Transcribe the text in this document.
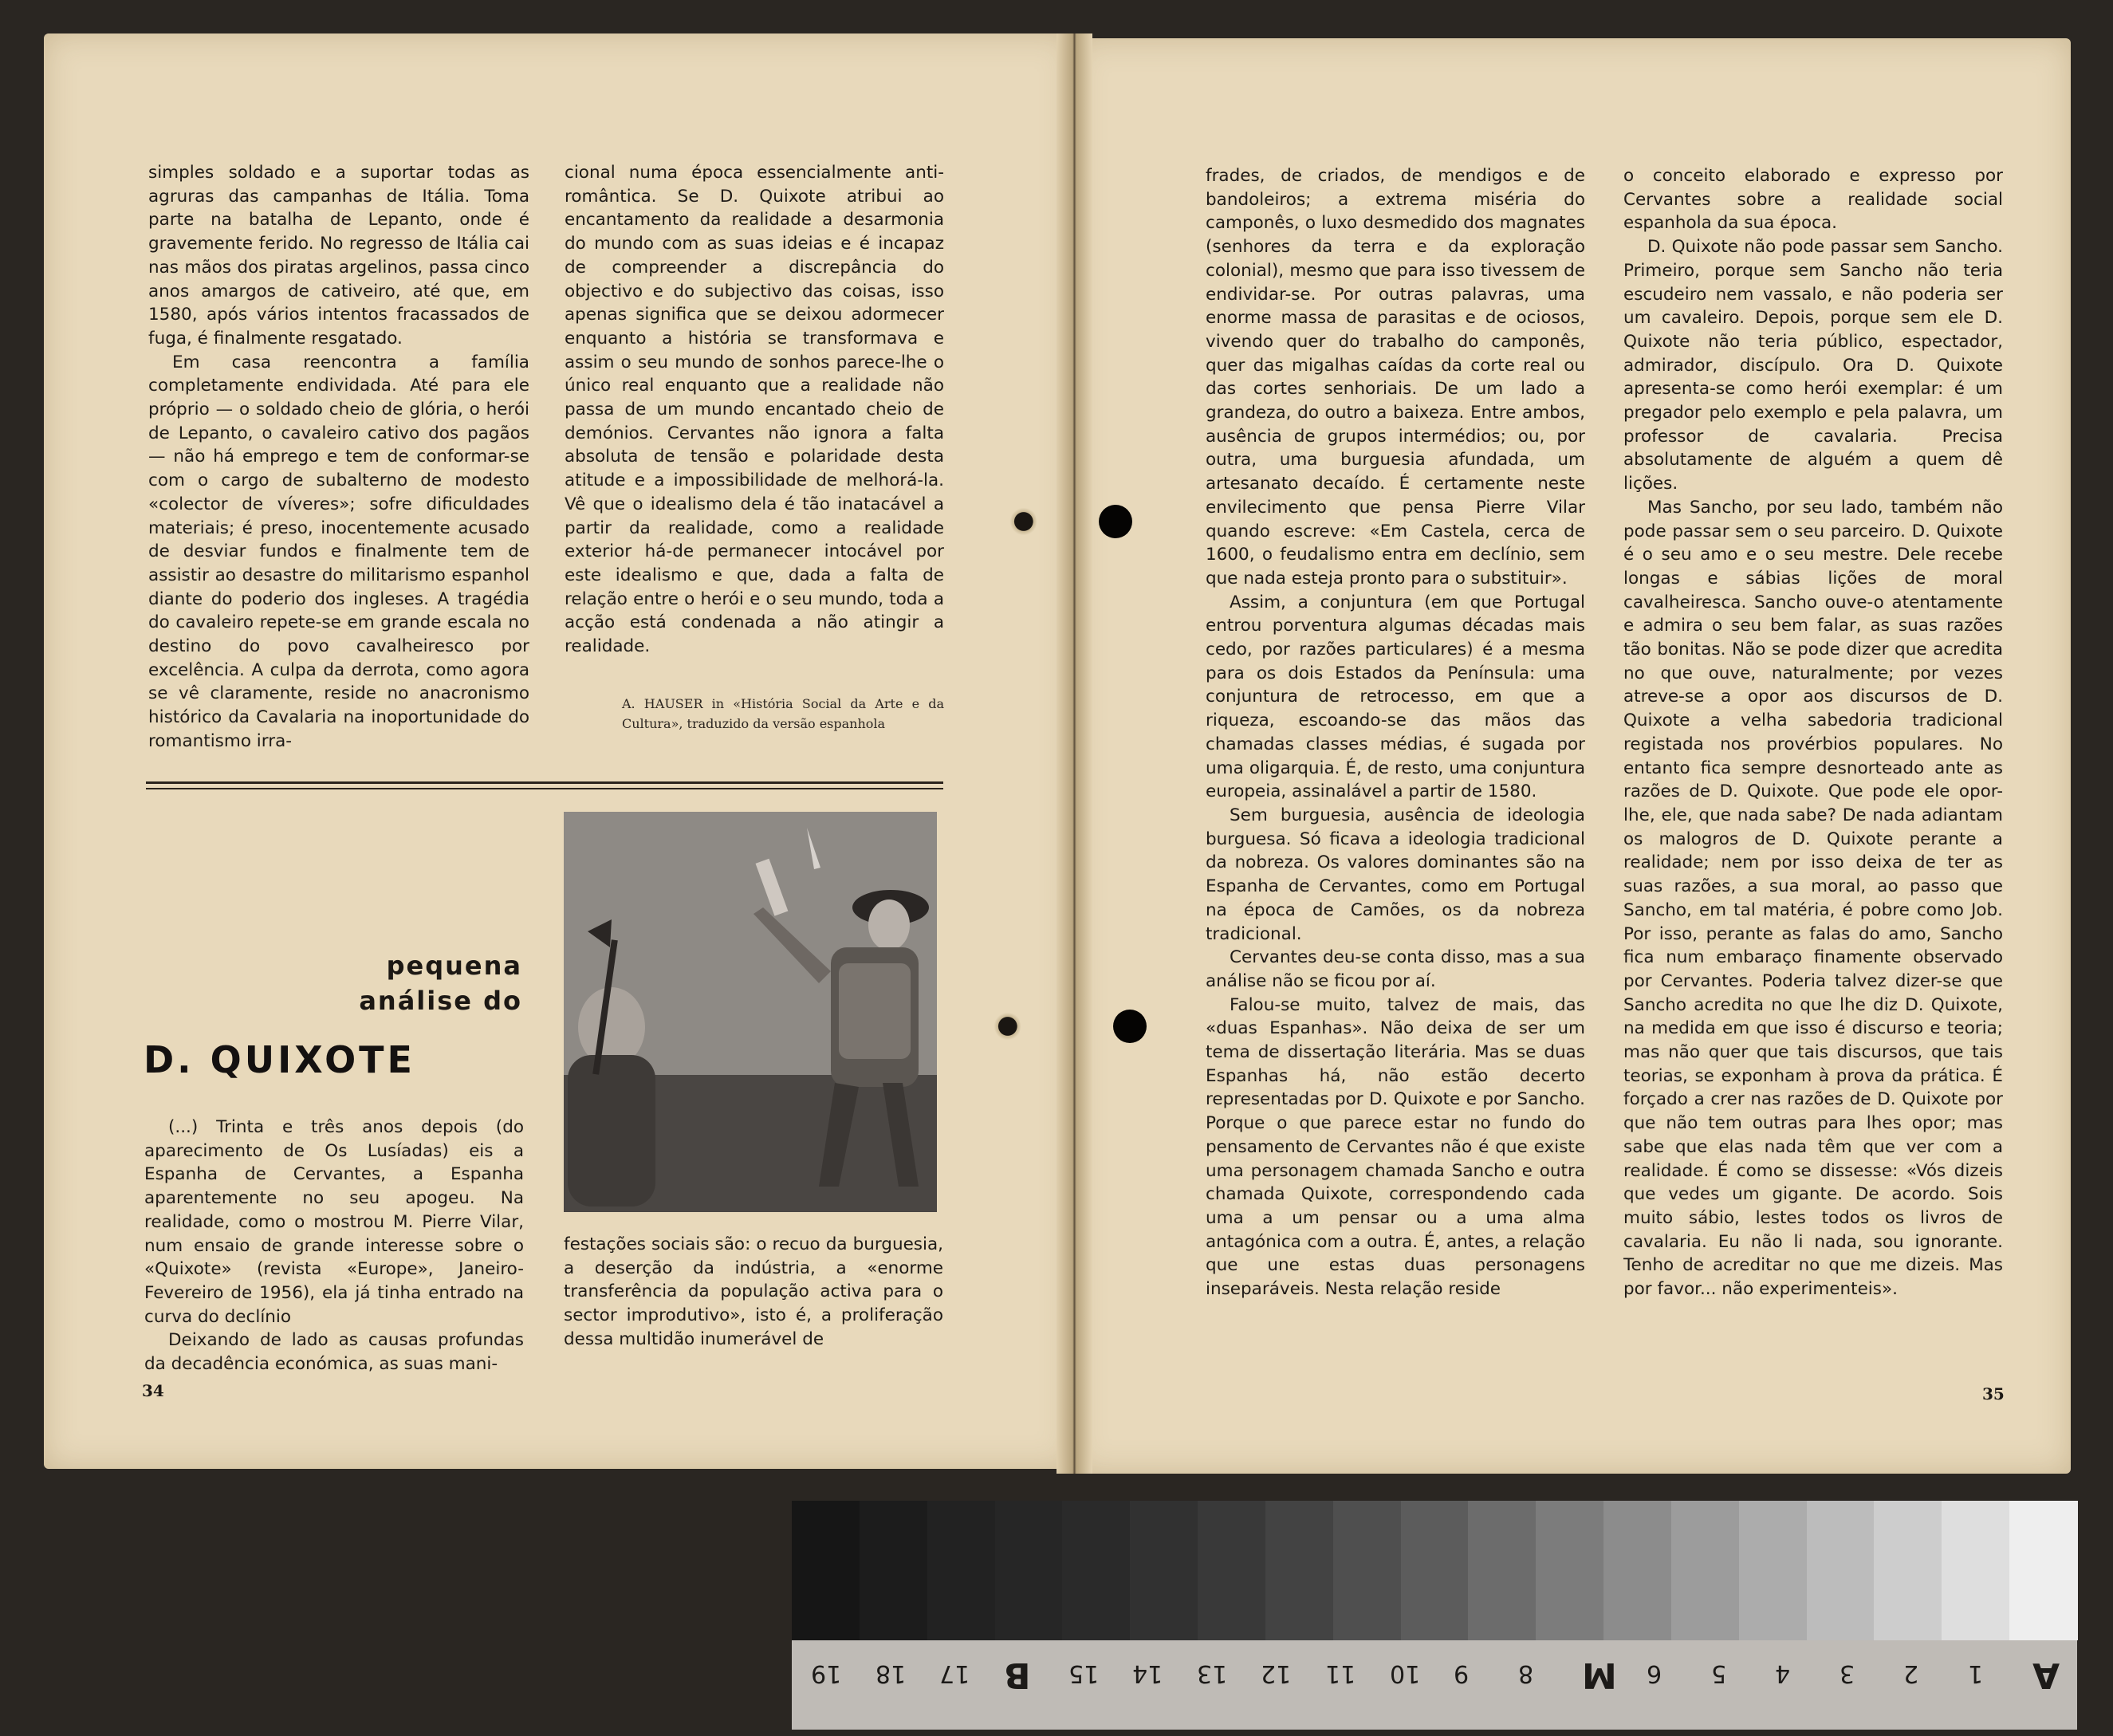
simples soldado e a suportar todas as agruras das campanhas de Itália. Toma parte na batalha de Lepanto, onde é gravemente ferido. No regresso de Itália cai nas mãos dos piratas argelinos, passa cinco anos amargos de cativeiro, até que, em 1580, após vários intentos fracassados de fuga, é finalmente resgatado.

Em casa reencontra a família completamente endividada. Até para ele próprio — o soldado cheio de glória, o herói de Lepanto, o cavaleiro cativo dos pagãos — não há emprego e tem de conformar-se com o cargo de subalterno de modesto «colector de víveres»; sofre dificuldades materiais; é preso, inocentemente acusado de desviar fundos e finalmente tem de assistir ao desastre do militarismo espanhol diante do poderio dos ingleses. A tragédia do cavaleiro repete-se em grande escala no destino do povo cavalheiresco por excelência. A culpa da derrota, como agora se vê claramente, reside no anacronismo histórico da Cavalaria na inoportunidade do romantismo irra-

cional numa época essencialmente anti-romântica. Se D. Quixote atribui ao encantamento da realidade a desarmonia do mundo com as suas ideias e é incapaz de compreender a discrepância do objectivo e do subjectivo das coisas, isso apenas significa que se deixou adormecer enquanto a história se transformava e assim o seu mundo de sonhos parece-lhe o único real enquanto que a realidade não passa de um mundo encantado cheio de demónios. Cervantes não ignora a falta absoluta de tensão e polaridade desta atitude e a impossibilidade de melhorá-la. Vê que o idealismo dela é tão inatacável a partir da realidade, como a realidade exterior há-de permanecer intocável por este idealismo e que, dada a falta de relação entre o herói e o seu mundo, toda a acção está condenada a não atingir a realidade.

A. HAUSER in «História Social da Arte e da Cultura», traduzido da versão espanhola
pequena
análise do
D. QUIXOTE

(...) Trinta e três anos depois (do aparecimento de Os Lusíadas) eis a Espanha de Cervantes, a Espanha aparentemente no seu apogeu. Na realidade, como o mostrou M. Pierre Vilar, num ensaio de grande interesse sobre o «Quixote» (revista «Europe», Janeiro-Fevereiro de 1956), ela já tinha entrado na curva do declínio

Deixando de lado as causas profundas da decadência económica, as suas mani-

festações sociais são: o recuo da burguesia, a deserção da indústria, a «enorme transferência da população activa para o sector improdutivo», isto é, a proliferação dessa multidão inumerável de

34

frades, de criados, de mendigos e de bandoleiros; a extrema miséria do camponês, o luxo desmedido dos magnates (senhores da terra e da exploração colonial), mesmo que para isso tivessem de endividar-se. Por outras palavras, uma enorme massa de parasitas e de ociosos, vivendo quer do trabalho do camponês, quer das migalhas caídas da corte real ou das cortes senhoriais. De um lado a grandeza, do outro a baixeza. Entre ambos, ausência de grupos intermédios; ou, por outra, uma burguesia afundada, um artesanato decaído. É certamente neste envilecimento que pensa Pierre Vilar quando escreve: «Em Castela, cerca de 1600, o feudalismo entra em declínio, sem que nada esteja pronto para o substituir».

Assim, a conjuntura (em que Portugal entrou porventura algumas décadas mais cedo, por razões particulares) é a mesma para os dois Estados da Península: uma conjuntura de retrocesso, em que a riqueza, escoando-se das mãos das chamadas classes médias, é sugada por uma oligarquia. É, de resto, uma conjuntura europeia, assinalável a partir de 1580.

Sem burguesia, ausência de ideologia burguesa. Só ficava a ideologia tradicional da nobreza. Os valores dominantes são na Espanha de Cervantes, como em Portugal na época de Camões, os da nobreza tradicional.

Cervantes deu-se conta disso, mas a sua análise não se ficou por aí.

Falou-se muito, talvez de mais, das «duas Espanhas». Não deixa de ser um tema de dissertação literária. Mas se duas Espanhas há, não estão decerto representadas por D. Quixote e por Sancho. Porque o que parece estar no fundo do pensamento de Cervantes não é que existe uma personagem chamada Sancho e outra chamada Quixote, correspondendo cada uma a um pensar ou a uma alma antagónica com a outra. É, antes, a relação que une estas duas personagens inseparáveis. Nesta relação reside

o conceito elaborado e expresso por Cervantes sobre a realidade social espanhola da sua época.

D. Quixote não pode passar sem Sancho. Primeiro, porque sem Sancho não teria escudeiro nem vassalo, e não poderia ser um cavaleiro. Depois, porque sem ele D. Quixote não teria público, espectador, admirador, discípulo. Ora D. Quixote apresenta-se como herói exemplar: é um pregador pelo exemplo e pela palavra, um professor de cavalaria. Precisa absolutamente de alguém a quem dê lições.

Mas Sancho, por seu lado, também não pode passar sem o seu parceiro. D. Quixote é o seu amo e o seu mestre. Dele recebe longas e sábias lições de moral cavalheiresca. Sancho ouve-o atentamente e admira o seu bem falar, as suas razões tão bonitas. Não se pode dizer que acredita no que ouve, naturalmente; por vezes atreve-se a opor aos discursos de D. Quixote a velha sabedoria tradicional registada nos provérbios populares. No entanto fica sempre desnorteado ante as razões de D. Quixote. Que pode ele opor-lhe, ele, que nada sabe? De nada adiantam os malogros de D. Quixote perante a realidade; nem por isso deixa de ter as suas razões, a sua moral, ao passo que Sancho, em tal matéria, é pobre como Job. Por isso, perante as falas do amo, Sancho fica num embaraço finamente observado por Cervantes. Poderia talvez dizer-se que Sancho acredita no que lhe diz D. Quixote, na medida em que isso é discurso e teoria; mas não quer que tais discursos, que tais teorias, se exponham à prova da prática. É forçado a crer nas razões de D. Quixote por que não tem outras para lhes opor; mas sabe que elas nada têm que ver com a realidade. É como se dissesse: «Vós dizeis que vedes um gigante. De acordo. Sois muito sábio, lestes todos os livros de cavalaria. Eu não li nada, sou ignorante. Tenho de acreditar no que me dizeis. Mas por favor... não experimenteis».

35
A
1
2
3
4
5
6
M
8
9
10
11
12
13
14
15
B
17
18
19
